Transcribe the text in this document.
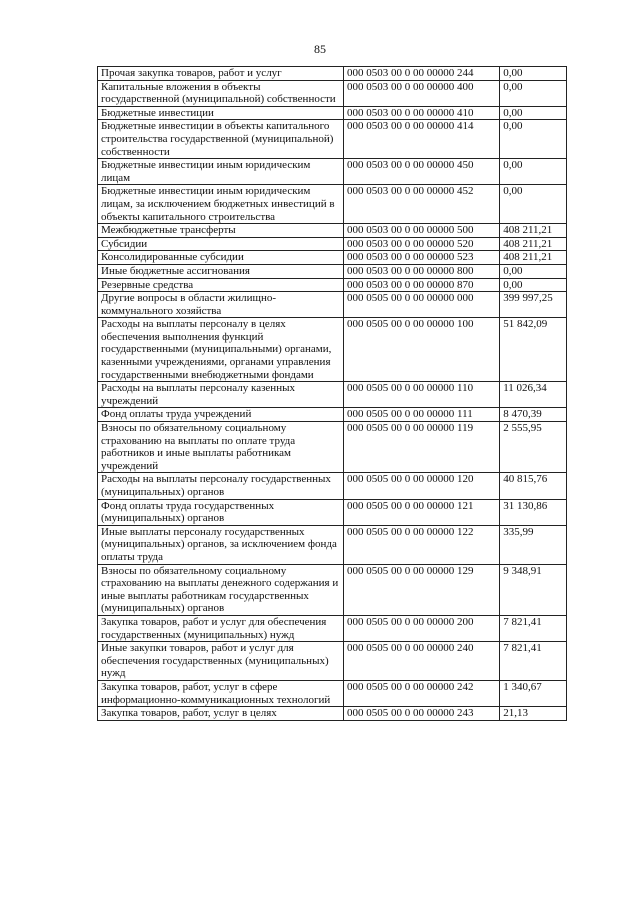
85
Прочая закупка товаров, работ и услуг	000 0503 00 0 00 00000 244	0,00
Капитальные вложения в объекты государственной (муниципальной) собственности	000 0503 00 0 00 00000 400	0,00
Бюджетные инвестиции	000 0503 00 0 00 00000 410	0,00
Бюджетные инвестиции в объекты капитального строительства государственной (муниципальной) собственности	000 0503 00 0 00 00000 414	0,00
Бюджетные инвестиции иным юридическим лицам	000 0503 00 0 00 00000 450	0,00
Бюджетные инвестиции иным юридическим лицам, за исключением бюджетных инвестиций в объекты капитального строительства	000 0503 00 0 00 00000 452	0,00
Межбюджетные трансферты	000 0503 00 0 00 00000 500	408 211,21
Субсидии	000 0503 00 0 00 00000 520	408 211,21
Консолидированные субсидии	000 0503 00 0 00 00000 523	408 211,21
Иные бюджетные ассигнования	000 0503 00 0 00 00000 800	0,00
Резервные средства	000 0503 00 0 00 00000 870	0,00
Другие вопросы в области жилищно-коммунального хозяйства	000 0505 00 0 00 00000 000	399 997,25
Расходы на выплаты персоналу в целях обеспечения выполнения функций государственными (муниципальными) органами, казенными учреждениями, органами управления государственными внебюджетными фондами	000 0505 00 0 00 00000 100	51 842,09
Расходы на выплаты персоналу казенных учреждений	000 0505 00 0 00 00000 110	11 026,34
Фонд оплаты труда учреждений	000 0505 00 0 00 00000 111	8 470,39
Взносы по обязательному социальному страхованию на выплаты по оплате труда работников и иные выплаты работникам учреждений	000 0505 00 0 00 00000 119	2 555,95
Расходы на выплаты персоналу государственных (муниципальных) органов	000 0505 00 0 00 00000 120	40 815,76
Фонд оплаты труда государственных (муниципальных) органов	000 0505 00 0 00 00000 121	31 130,86
Иные выплаты персоналу государственных (муниципальных) органов, за исключением фонда оплаты труда	000 0505 00 0 00 00000 122	335,99
Взносы по обязательному социальному страхованию на выплаты денежного содержания и иные выплаты работникам государственных (муниципальных) органов	000 0505 00 0 00 00000 129	9 348,91
Закупка товаров, работ и услуг для обеспечения государственных (муниципальных) нужд	000 0505 00 0 00 00000 200	7 821,41
Иные закупки товаров, работ и услуг для обеспечения государственных (муниципальных) нужд	000 0505 00 0 00 00000 240	7 821,41
Закупка товаров, работ, услуг в сфере информационно-коммуникационных технологий	000 0505 00 0 00 00000 242	1 340,67
Закупка товаров, работ, услуг в целях	000 0505 00 0 00 00000 243	21,13
